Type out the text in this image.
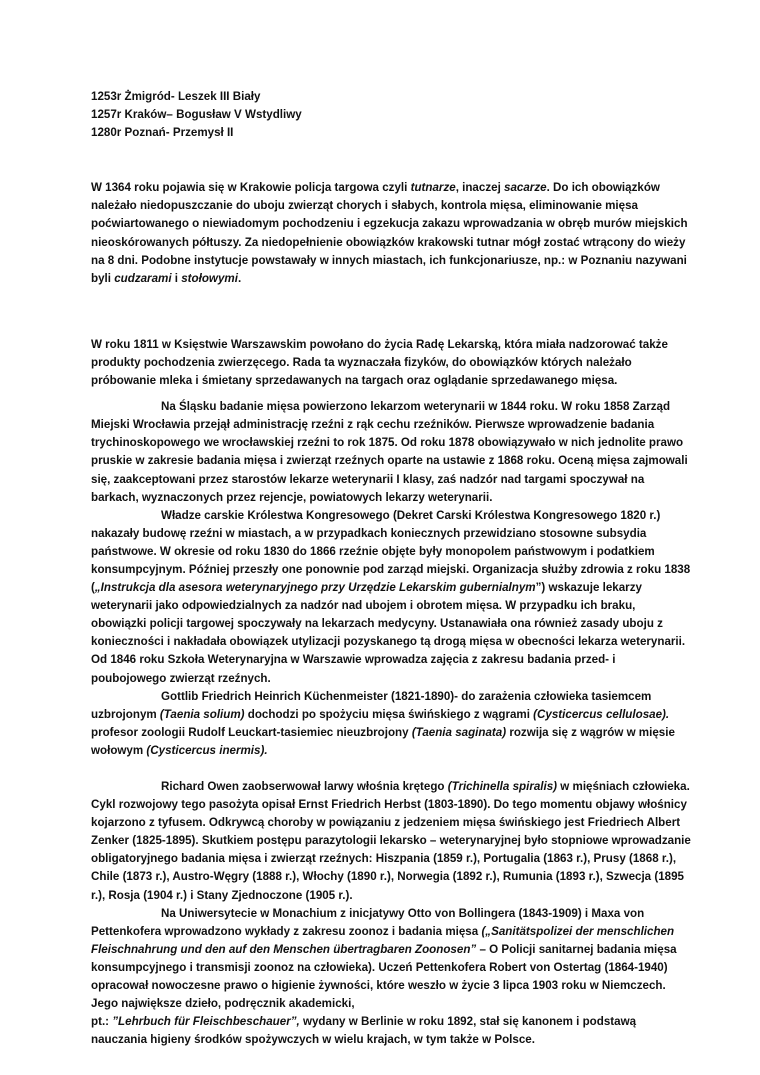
1253r Żmigród- Leszek III Biały
1257r Kraków– Bogusław V Wstydliwy
1280r Poznań- Przemysł II

W 1364 roku pojawia się w Krakowie policja targowa czyli tutnarze, inaczej sacarze. Do ich obowiązków należało niedopuszczanie do uboju zwierząt chorych i słabych, kontrola mięsa, eliminowanie mięsa poćwiartowanego o niewiadomym pochodzeniu i egzekucja zakazu wprowadzania w obręb murów miejskich nieoskórowanych półtuszy. Za niedopełnienie obowiązków krakowski tutnar mógł zostać wtrącony do wieży na 8 dni. Podobne instytucje powstawały w innych miastach, ich funkcjonariusze, np.: w Poznaniu nazywani byli cudzarami i stołowymi.

W roku 1811 w Księstwie Warszawskim powołano do życia Radę Lekarską, która miała nadzorować także produkty pochodzenia zwierzęcego. Rada ta wyznaczała fizyków, do obowiązków których należało próbowanie mleka i śmietany sprzedawanych na targach oraz oglądanie sprzedawanego mięsa.

Na Śląsku badanie mięsa powierzono lekarzom weterynarii w 1844 roku. W roku 1858 Zarząd Miejski Wrocławia przejął administrację rzeźni z rąk cechu rzeźników. Pierwsze wprowadzenie badania trychinoskopowego we wrocławskiej rzeźni to rok 1875. Od roku 1878 obowiązywało w nich jednolite prawo pruskie w zakresie badania mięsa i zwierząt rzeźnych oparte na ustawie z 1868 roku. Oceną mięsa zajmowali się, zaakceptowani przez starostów lekarze weterynarii I klasy, zaś nadzór nad targami spoczywał na barkach, wyznaczonych przez rejencje, powiatowych lekarzy weterynarii.

Władze carskie Królestwa Kongresowego (Dekret Carski Królestwa Kongresowego 1820 r.) nakazały budowę rzeźni w miastach, a w przypadkach koniecznych przewidziano stosowne subsydia państwowe. W okresie od roku 1830 do 1866 rzeźnie objęte były monopolem państwowym i podatkiem konsumpcyjnym. Później przeszły one ponownie pod zarząd miejski. Organizacja służby zdrowia z roku 1838 („Instrukcja dla asesora weterynaryjnego przy Urzędzie Lekarskim gubernialnym”) wskazuje lekarzy weterynarii jako odpowiedzialnych za nadzór nad ubojem i obrotem mięsa. W przypadku ich braku, obowiązki policji targowej spoczywały na lekarzach medycyny. Ustanawiała ona również zasady uboju z konieczności i nakładała obowiązek utylizacji pozyskanego tą drogą mięsa w obecności lekarza weterynarii.
Od 1846 roku Szkoła Weterynaryjna w Warszawie wprowadza zajęcia z zakresu badania przed- i poubojowego zwierząt rzeźnych.

Gottlib Friedrich Heinrich Küchenmeister (1821-1890)- do zarażenia człowieka tasiemcem uzbrojonym (Taenia solium) dochodzi po spożyciu mięsa świńskiego z wągrami (Cysticercus cellulosae). profesor zoologii Rudolf Leuckart-tasiemiec nieuzbrojony (Taenia saginata) rozwija się z wągrów w mięsie wołowym (Cysticercus inermis).

Richard Owen zaobserwował larwy włośnia krętego (Trichinella spiralis) w mięśniach człowieka. Cykl rozwojowy tego pasożyta opisał Ernst Friedrich Herbst (1803-1890). Do tego momentu objawy włośnicy kojarzono z tyfusem. Odkrywcą choroby w powiązaniu z jedzeniem mięsa świńskiego jest Friedriech Albert Zenker (1825-1895). Skutkiem postępu parazytologii lekarsko – weterynaryjnej było stopniowe wprowadzanie obligatoryjnego badania mięsa i zwierząt rzeźnych: Hiszpania (1859 r.), Portugalia (1863 r.), Prusy (1868 r.), Chile (1873 r.), Austro-Węgry (1888 r.), Włochy (1890 r.), Norwegia (1892 r.), Rumunia (1893 r.), Szwecja (1895 r.), Rosja (1904 r.) i Stany Zjednoczone (1905 r.).

Na Uniwersytecie w Monachium z inicjatywy Otto von Bollingera (1843-1909) i Maxa von Pettenkofera wprowadzono wykłady z zakresu zoonoz i badania mięsa („Sanitätspolizei der menschlichen Fleischnahrung und den auf den Menschen übertragbaren Zoonosen” – O Policji sanitarnej badania mięsa konsumpcyjnego i transmisji zoonoz na człowieka). Uczeń Pettenkofera Robert von Ostertag (1864-1940) opracował nowoczesne prawo o higienie żywności, które weszło w życie 3 lipca 1903 roku w Niemczech. Jego największe dzieło, podręcznik akademicki,
pt.: ”Lehrbuch für Fleischbeschauer”, wydany w Berlinie w roku 1892, stał się kanonem i podstawą nauczania higieny środków spożywczych w wielu krajach, w tym także w Polsce.
